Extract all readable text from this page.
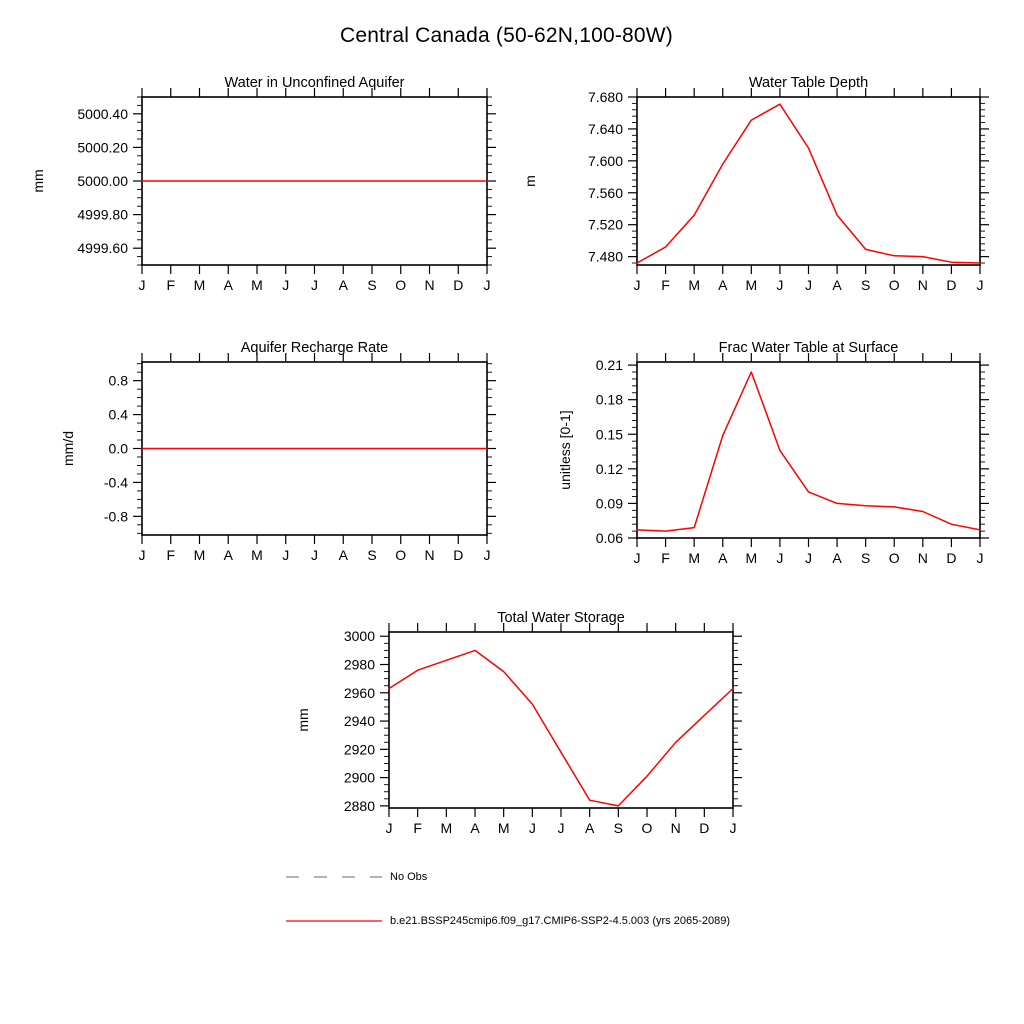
Central Canada (50-62N,100-80W)
J F M A M J J A S O N D J
4999.60
4999.80
5000.00
5000.20
5000.40
Water in Unconfined Aquifer
mm
J F M A M J J A S O N D J
7.480
7.520
7.560
7.600
7.640
7.680
Water Table Depth
m
J F M A M J J A S O N D J
-0.8
-0.4
0.0
0.4
0.8
Aquifer Recharge Rate
mm/d
J F M A M J J A S O N D J
0.06
0.09
0.12
0.15
0.18
0.21
Frac Water Table at Surface
unitless [0-1]
J F M A M J J A S O N D J
2880
2900
2920
2940
2960
2980
3000
Total Water Storage
mm
No Obs
b.e21.BSSP245cmip6.f09_g17.CMIP6-SSP2-4.5.003 (yrs 2065-2089)
